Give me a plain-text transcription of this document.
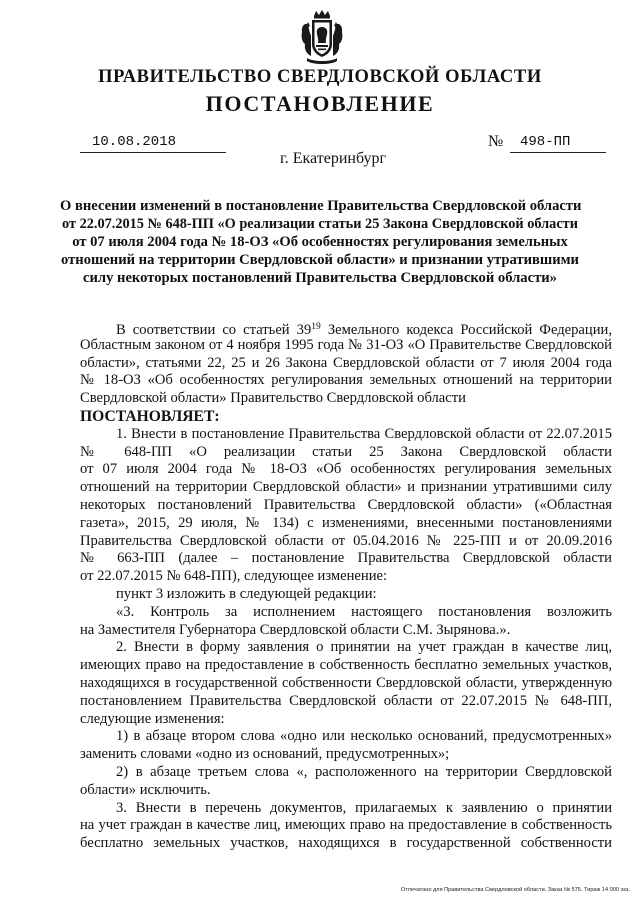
ПРАВИТЕЛЬСТВО СВЕРДЛОВСКОЙ ОБЛАСТИ
ПОСТАНОВЛЕНИЕ
10.08.2018	№ 498-ПП
г. Екатеринбург
О внесении изменений в постановление Правительства Свердловской области
от 22.07.2015 № 648-ПП «О реализации статьи 25 Закона Свердловской области
от 07 июля 2004 года № 18-ОЗ «Об особенностях регулирования земельных
отношений на территории Свердловской области» и признании утратившими
силу некоторых постановлений Правительства Свердловской области»
В соответствии со статьей $39^{19}$ Земельного кодекса Российской Федерации,
Областным законом от 4 ноября 1995 года № 31-ОЗ «О Правительстве Свердловской
области», статьями 22, 25 и 26 Закона Свердловской области от 7 июля 2004 года
№ 18-ОЗ «Об особенностях регулирования земельных отношений на территории
Свердловской области» Правительство Свердловской области
ПОСТАНОВЛЯЕТ:
1. Внести в постановление Правительства Свердловской области от 22.07.2015
№ 648-ПП «О реализации статьи 25 Закона Свердловской области
от 07 июля 2004 года № 18-ОЗ «Об особенностях регулирования земельных
отношений на территории Свердловской области» и признании утратившими силу
некоторых постановлений Правительства Свердловской области» («Областная
газета», 2015, 29 июля, № 134) с изменениями, внесенными постановлениями
Правительства Свердловской области от 05.04.2016 № 225-ПП и от 20.09.2016
№ 663-ПП (далее – постановление Правительства Свердловской области
от 22.07.2015 № 648-ПП), следующее изменение:
пункт 3 изложить в следующей редакции:
«3. Контроль за исполнением настоящего постановления возложить
на Заместителя Губернатора Свердловской области С.М. Зырянова.».
2. Внести в форму заявления о принятии на учет граждан в качестве лиц,
имеющих право на предоставление в собственность бесплатно земельных участков,
находящихся в государственной собственности Свердловской области, утвержденную
постановлением Правительства Свердловской области от 22.07.2015 № 648-ПП,
следующие изменения:
1) в абзаце втором слова «одно или несколько оснований, предусмотренных»
заменить словами «одно из оснований, предусмотренных»;
2) в абзаце третьем слова «, расположенного на территории Свердловской
области» исключить.
3. Внести в перечень документов, прилагаемых к заявлению о принятии
на учет граждан в качестве лиц, имеющих право на предоставление в собственность
бесплатно земельных участков, находящихся в государственной собственности
Отпечатано для Правительства Свердловской области. Заказ № 575. Тираж 14 000 экз.
